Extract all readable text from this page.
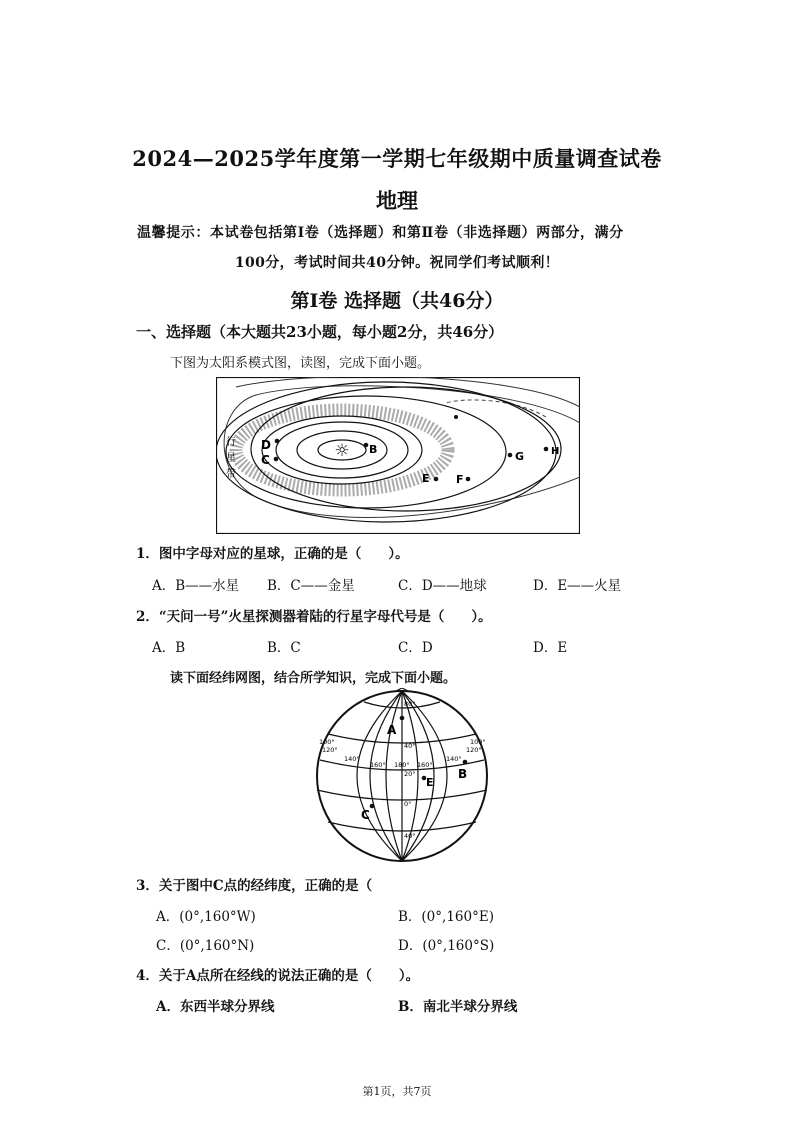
2024—2025学年度第一学期七年级期中质量调查试卷
地理
温馨提示：本试卷包括第Ⅰ卷（选择题）和第Ⅱ卷（非选择题）两部分，满分
100分，考试时间共40分钟。祝同学们考试顺利！
第Ⅰ卷 选择题（共46分）
一、选择题（本大题共23小题，每小题2分，共46分）
下图为太阳系模式图，读图，完成下面小题。
☼ B
D
C
E F
G	H
行
星
带
1．图中字母对应的星球，正确的是（　　）。
A．B——水星 B．C——金星	C．D——地球	D．E——火星
2．“天问一号”火星探测器着陆的行星字母代号是（　　）。
A．B	B．C	C．D	D．E
读下面经纬网图，结合所学知识，完成下面小题。
80°
40°
20°
0°
40°
100°	100°
120°	120°
140°	140°
160° 180° 160°
A
B
C
E
3．关于图中C点的经纬度，正确的是（
A．(0°,160°W)	B．(0°,160°E)
C．(0°,160°N)	D．(0°,160°S)
4．关于A点所在经线的说法正确的是（　　）。
A．东西半球分界线	B．南北半球分界线
第1页，共7页
